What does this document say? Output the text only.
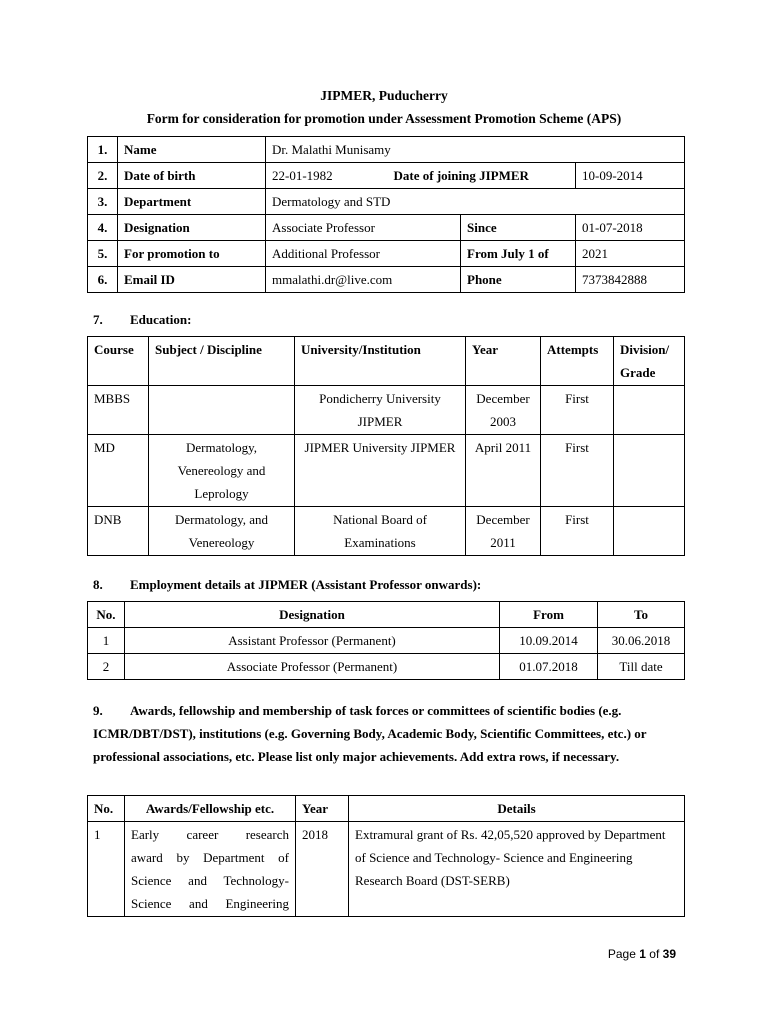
JIPMER, Puducherry
Form for consideration for promotion under Assessment Promotion Scheme (APS)
1.	Name	Dr. Malathi Munisamy
2.	Date of birth	22-01-1982	Date of joining JIPMER	10-09-2014
3.	Department	Dermatology and STD
4.	Designation	Associate Professor	Since	01-07-2018
5.	For promotion to	Additional Professor	From July 1 of	2021
6.	Email ID	mmalathi.dr@live.com	Phone	7373842888
7. Education:
Course	Subject / Discipline	University/Institution	Year	Attempts	Division/ Grade
MBBS		Pondicherry University JIPMER	December 2003	First	
MD	Dermatology, Venereology and Leprology	JIPMER University JIPMER	April 2011	First	
DNB	Dermatology, and Venereology	National Board of Examinations	December 2011	First	
8. Employment details at JIPMER (Assistant Professor onwards):
No.	Designation	From	To
1	Assistant Professor (Permanent)	10.09.2014	30.06.2018
2	Associate Professor (Permanent)	01.07.2018	Till date
9. Awards, fellowship and membership of task forces or committees of scientific bodies (e.g. ICMR/DBT/DST), institutions (e.g. Governing Body, Academic Body, Scientific Committees, etc.) or professional associations, etc. Please list only major achievements. Add extra rows, if necessary.
No.	Awards/Fellowship etc.	Year	Details
1	Early career research
award by Department of
Science and Technology-
Science and Engineering	2018	Extramural grant of Rs. 42,05,520 approved by Department of Science and Technology- Science and Engineering Research Board (DST-SERB)
Page 1 of 39
